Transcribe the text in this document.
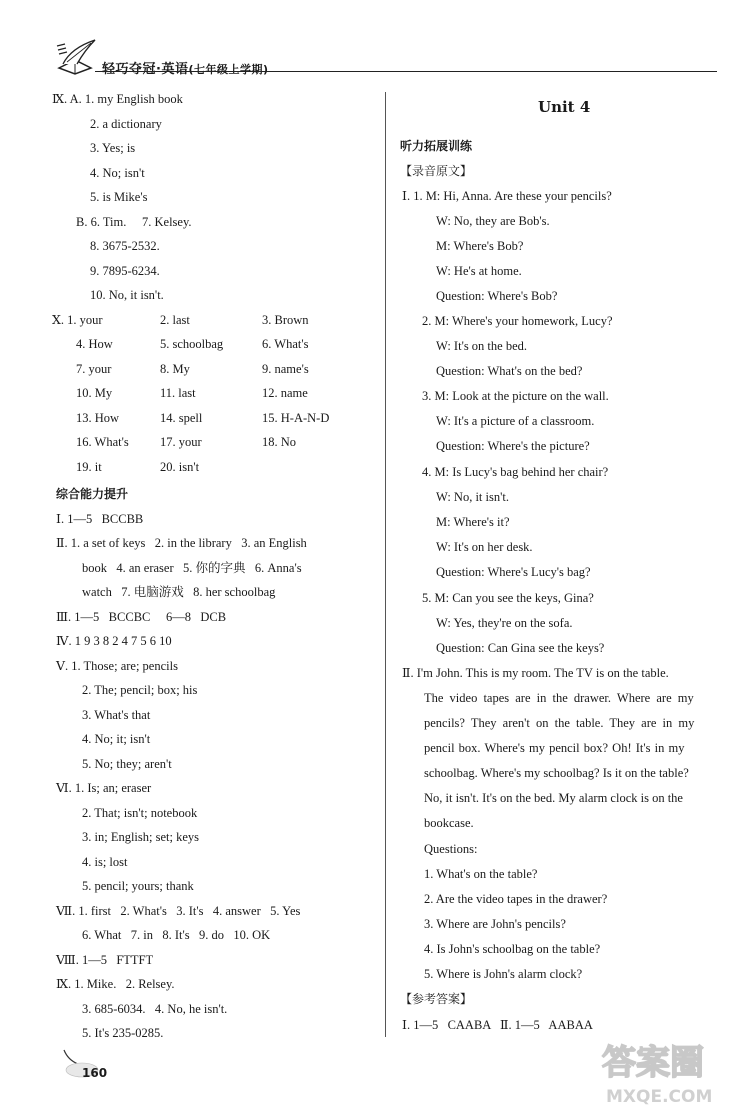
轻巧夺冠·英语(七年级上学期)
Ⅸ. A. 1. my English book
2. a dictionary
3. Yes; is
4. No; isn't
5. is Mike's
B. 6. Tim.     7. Kelsey.
8. 3675-2532.
9. 7895-6234.
10. No, it isn't.
Ⅹ. 1. your	2. last	3. Brown
4. How	5. schoolbag	6. What's
7. your	8. My	9. name's
10. My	11. last	12. name
13. How	14. spell	15. H-A-N-D
16. What's	17. your	18. No
19. it	20. isn't
综合能力提升
Ⅰ. 1—5   BCCBB
Ⅱ. 1. a set of keys   2. in the library   3. an English
book   4. an eraser   5. 你的字典   6. Anna's
watch   7. 电脑游戏   8. her schoolbag
Ⅲ. 1—5   BCCBC     6—8   DCB
Ⅳ. 1 9 3 8 2 4 7 5 6 10
Ⅴ. 1. Those; are; pencils
2. The; pencil; box; his
3. What's that
4. No; it; isn't
5. No; they; aren't
Ⅵ. 1. Is; an; eraser
2. That; isn't; notebook
3. in; English; set; keys
4. is; lost
5. pencil; yours; thank
Ⅶ. 1. first   2. What's   3. It's   4. answer   5. Yes
6. What   7. in   8. It's   9. do   10. OK
Ⅷ. 1—5   FTTFT
Ⅸ. 1. Mike.   2. Relsey.
3. 685-6034.   4. No, he isn't.
5. It's 235-0285.
Unit 4
听力拓展训练
【录音原文】
Ⅰ. 1. M: Hi, Anna. Are these your pencils?
W: No, they are Bob's.
M: Where's Bob?
W: He's at home.
Question: Where's Bob?
2. M: Where's your homework, Lucy?
W: It's on the bed.
Question: What's on the bed?
3. M: Look at the picture on the wall.
W: It's a picture of a classroom.
Question: Where's the picture?
4. M: Is Lucy's bag behind her chair?
W: No, it isn't.
M: Where's it?
W: It's on her desk.
Question: Where's Lucy's bag?
5. M: Can you see the keys, Gina?
W: Yes, they're on the sofa.
Question: Can Gina see the keys?
Ⅱ. I'm John. This is my room. The TV is on the table.
The video tapes are in the drawer. Where are my
pencils? They aren't on the table. They are in my
pencil box. Where's my pencil box? Oh! It's in my
schoolbag. Where's my schoolbag? Is it on the table?
No, it isn't. It's on the bed. My alarm clock is on the
bookcase.
Questions:
1. What's on the table?
2. Are the video tapes in the drawer?
3. Where are John's pencils?
4. Is John's schoolbag on the table?
5. Where is John's alarm clock?
【参考答案】
Ⅰ. 1—5   CAABA   Ⅱ. 1—5   AABAA
160	答案圈
MXQE.COM
